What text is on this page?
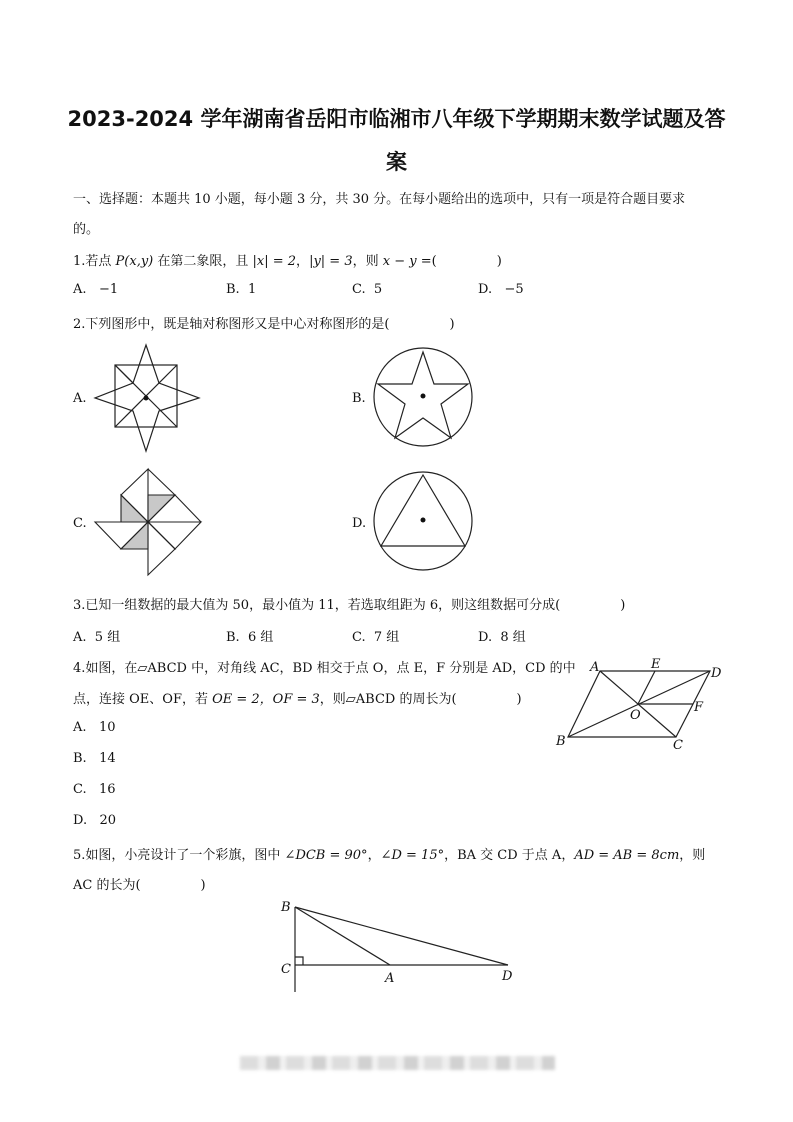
2023-2024 学年湖南省岳阳市临湘市八年级下学期期末数学试题及答
案
一、选择题：本题共 10 小题，每小题 3 分，共 30 分。在每小题给出的选项中，只有一项是符合题目要求
的。
1.若点 P(x,y) 在第二象限，且 |x| = 2，|y| = 3，则 x − y =(	)
A. −1	B. 1	C. 5	D. −5
2.下列图形中，既是轴对称图形又是中心对称图形的是(	)
A.	B.
C.	D.
3.已知一组数据的最大值为 50，最小值为 11，若选取组距为 6，则这组数据可分成(	)
A. 5 组	B. 6 组	C. 7 组	D. 8 组
4.如图，在▱ABCD 中，对角线 AC，BD 相交于点 O，点 E，F 分别是 AD，CD 的中
点，连接 OE、OF，若 OE = 2，OF = 3，则▱ABCD 的周长为(	)
A. 10
B. 14
C. 16
D. 20
A	E
D
O
F
B	C
5.如图，小亮设计了一个彩旗，图中 ∠DCB = 90°，∠D = 15°，BA 交 CD 于点 A，AD = AB = 8cm，则
AC 的长为(	)
B
C
A	D
